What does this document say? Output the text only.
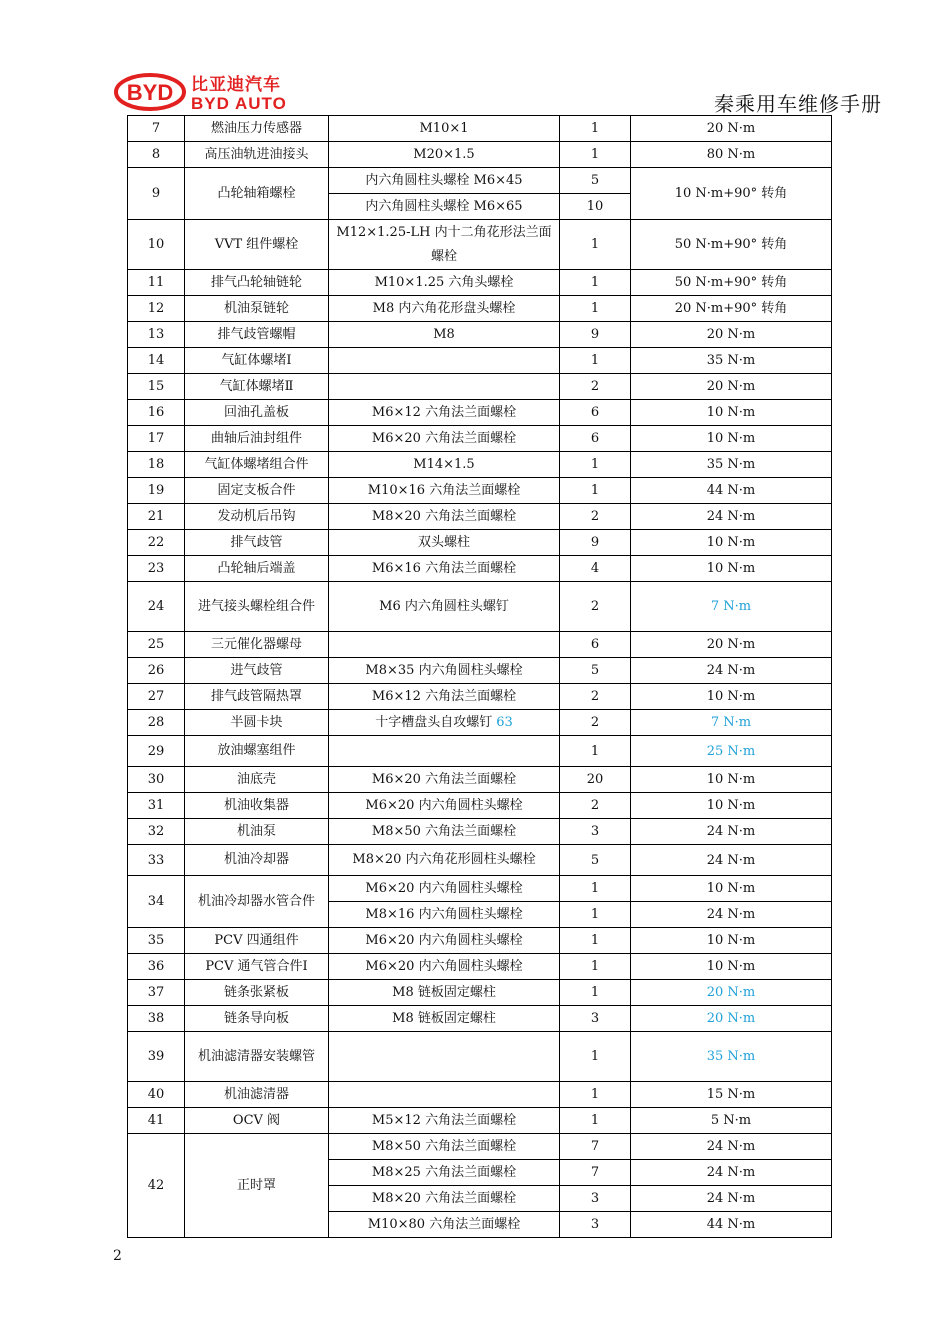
BYD 比亚迪汽车
BYD AUTO	秦乘用车维修手册
7	燃油压力传感器	M10×1	1	20 N·m
8	高压油轨进油接头	M20×1.5	1	80 N·m
9	凸轮轴箱螺栓	内六角圆柱头螺栓 M6×45	5	10 N·m+90° 转角
		内六角圆柱头螺栓 M6×65	10	
10	VVT 组件螺栓	M12×1.25-LH 内十二角花形法兰面螺栓	1	50 N·m+90° 转角
11	排气凸轮轴链轮	M10×1.25 六角头螺栓	1	50 N·m+90° 转角
12	机油泵链轮	M8 内六角花形盘头螺栓	1	20 N·m+90° 转角
13	排气歧管螺帽	M8	9	20 N·m
14	气缸体螺堵Ⅰ		1	35 N·m
15	气缸体螺堵Ⅱ		2	20 N·m
16	回油孔盖板	M6×12 六角法兰面螺栓	6	10 N·m
17	曲轴后油封组件	M6×20 六角法兰面螺栓	6	10 N·m
18	气缸体螺堵组合件	M14×1.5	1	35 N·m
19	固定支板合件	M10×16 六角法兰面螺栓	1	44 N·m
21	发动机后吊钩	M8×20 六角法兰面螺栓	2	24 N·m
22	排气歧管	双头螺柱	9	10 N·m
23	凸轮轴后端盖	M6×16 六角法兰面螺栓	4	10 N·m
24	进气接头螺栓组合件	M6 内六角圆柱头螺钉	2	7 N·m
25	三元催化器螺母		6	20 N·m
26	进气歧管	M8×35 内六角圆柱头螺栓	5	24 N·m
27	排气歧管隔热罩	M6×12 六角法兰面螺栓	2	10 N·m
28	半圆卡块	十字槽盘头自攻螺钉 63	2	7 N·m
29	放油螺塞组件		1	25 N·m
30	油底壳	M6×20 六角法兰面螺栓	20	10 N·m
31	机油收集器	M6×20 内六角圆柱头螺栓	2	10 N·m
32	机油泵	M8×50 六角法兰面螺栓	3	24 N·m
33	机油冷却器	M8×20 内六角花形圆柱头螺栓	5	24 N·m
34	机油冷却器水管合件	M6×20 内六角圆柱头螺栓	1	10 N·m
		M8×16 内六角圆柱头螺栓	1	24 N·m
35	PCV 四通组件	M6×20 内六角圆柱头螺栓	1	10 N·m
36	PCV 通气管合件Ⅰ	M6×20 内六角圆柱头螺栓	1	10 N·m
37	链条张紧板	M8 链板固定螺柱	1	20 N·m
38	链条导向板	M8 链板固定螺柱	3	20 N·m
39	机油滤清器安装螺管		1	35 N·m
40	机油滤清器		1	15 N·m
41	OCV 阀	M5×12 六角法兰面螺栓	1	5 N·m
42	正时罩	M8×50 六角法兰面螺栓	7	24 N·m
		M8×25 六角法兰面螺栓	7	24 N·m
		M8×20 六角法兰面螺栓	3	24 N·m
		M10×80 六角法兰面螺栓	3	44 N·m
2
